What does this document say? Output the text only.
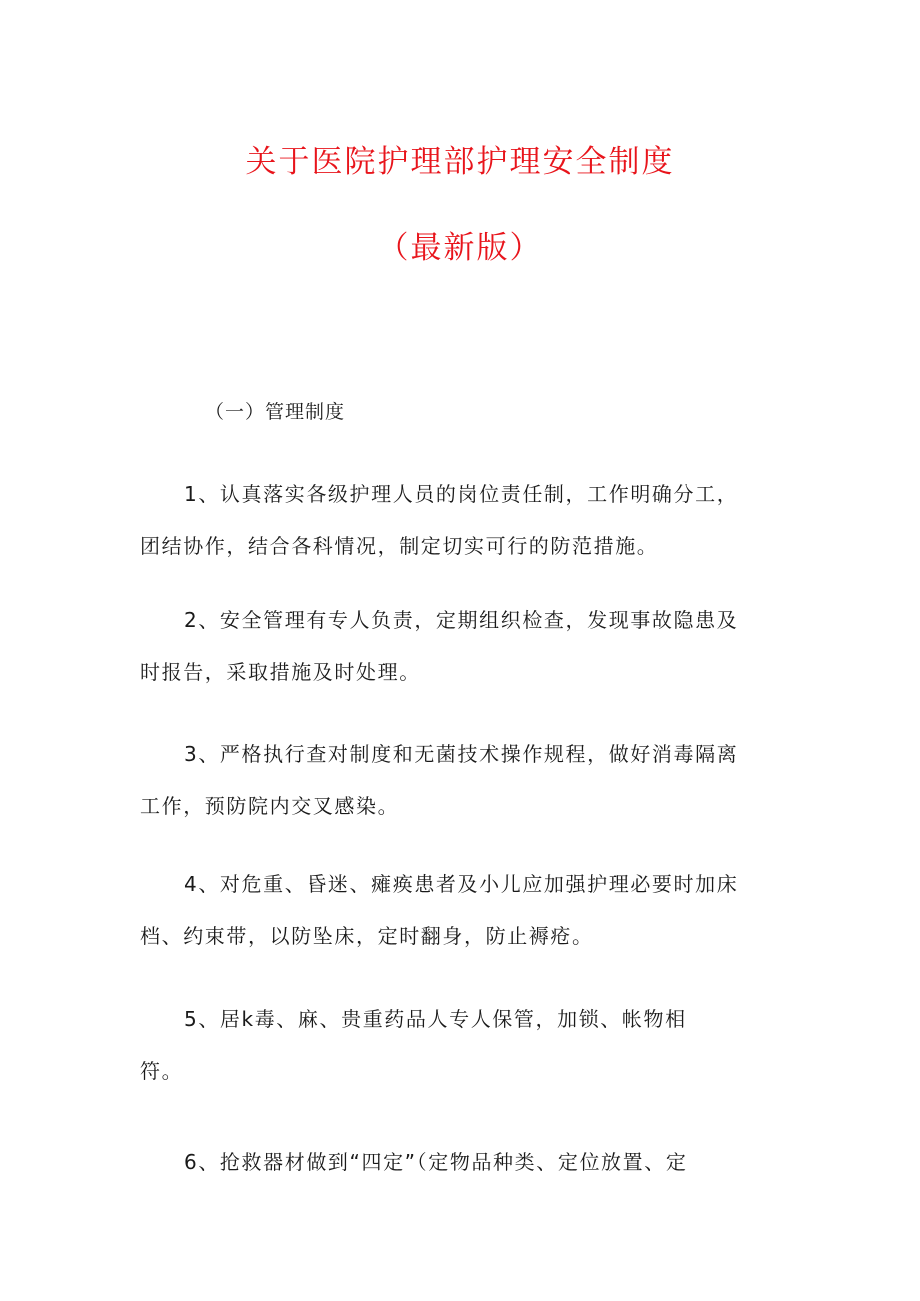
关于医院护理部护理安全制度
（最新版）
（一）管理制度

1、认真落实各级护理人员的岗位责任制，工作明确分工，
团结协作，结合各科情况，制定切实可行的防范措施。

2、安全管理有专人负责，定期组织检查，发现事故隐患及
时报告，采取措施及时处理。

3、严格执行查对制度和无菌技术操作规程，做好消毒隔离
工作，预防院内交叉感染。

4、对危重、昏迷、瘫痪患者及小儿应加强护理必要时加床
档、约束带，以防坠床，定时翻身，防止褥疮。

5、居k毒、麻、贵重药品人专人保管，加锁、帐物相
符。

6、抢救器材做到“四定”（定物品种类、定位放置、定
